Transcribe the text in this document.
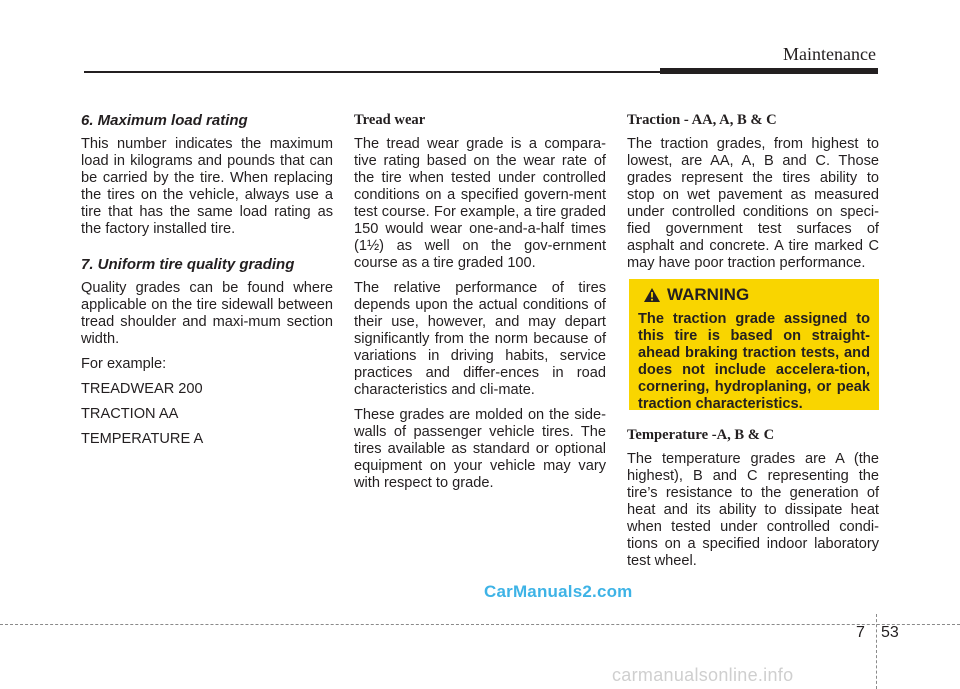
Maintenance
6. Maximum load rating

This number indicates the maximum load in kilograms and pounds that can be carried by the tire. When replacing the tires on the vehicle, always use a tire that has the same load rating as the factory installed tire.

7. Uniform tire quality grading

Quality grades can be found where applicable on the tire sidewall between tread shoulder and maxi-mum section width.

For example:

TREADWEAR 200

TRACTION AA

TEMPERATURE A

Tread wear

The tread wear grade is a compara-tive rating based on the wear rate of the tire when tested under controlled conditions on a specified govern-ment test course. For example, a tire graded 150 would wear one-and-a-half times (1½) as well on the gov-ernment course as a tire graded 100.

The relative performance of tires depends upon the actual conditions of their use, however, and may depart significantly from the norm because of variations in driving habits, service practices and differ-ences in road characteristics and cli-mate.

These grades are molded on the side-walls of passenger vehicle tires. The tires available as standard or optional equipment on your vehicle may vary with respect to grade.

Traction - AA, A, B & C

The traction grades, from highest to lowest, are AA, A, B and C. Those grades represent the tires ability to stop on wet pavement as measured under controlled conditions on speci-fied government test surfaces of asphalt and concrete. A tire marked C may have poor traction performance.

WARNING
The traction grade assigned to this tire is based on straight-ahead braking traction tests, and does not include accelera-tion, cornering, hydroplaning, or peak traction characteristics.
Temperature -A, B & C

The temperature grades are A (the highest), B and C representing the tire’s resistance to the generation of heat and its ability to dissipate heat when tested under controlled condi-tions on a specified indoor laboratory test wheel.

CarManuals2.com
7 53
carmanualsonline.info
